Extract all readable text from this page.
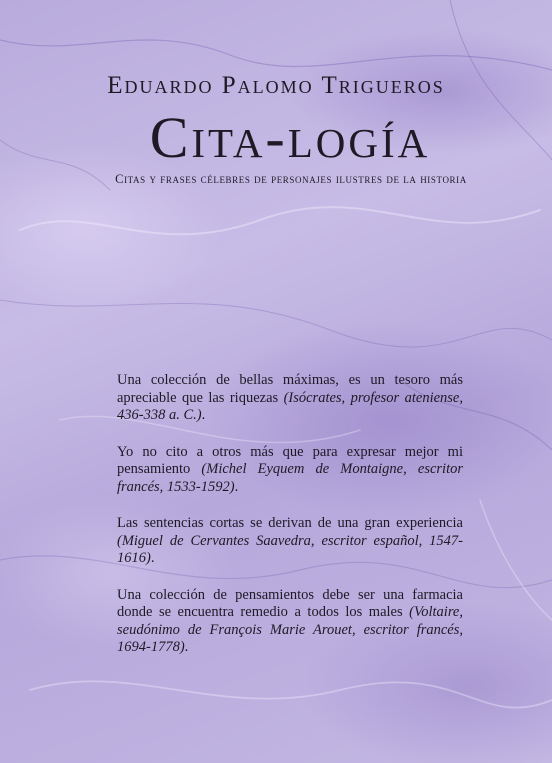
Eduardo Palomo Trigueros
Cita-logía
Citas y frases célebres de personajes ilustres de la historia

Una colección de bellas máximas, es un tesoro más apreciable que las riquezas (Isócrates, profesor ateniense, 436-338 a. C.).

Yo no cito a otros más que para expresar mejor mi pensamiento (Michel Eyquem de Montaigne, escritor francés, 1533-1592).

Las sentencias cortas se derivan de una gran experiencia (Miguel de Cervantes Saavedra, escritor español, 1547-1616).

Una colección de pensamientos debe ser una farmacia donde se encuentra remedio a todos los males (Voltaire, seudónimo de François Marie Arouet, escritor francés, 1694-1778).
